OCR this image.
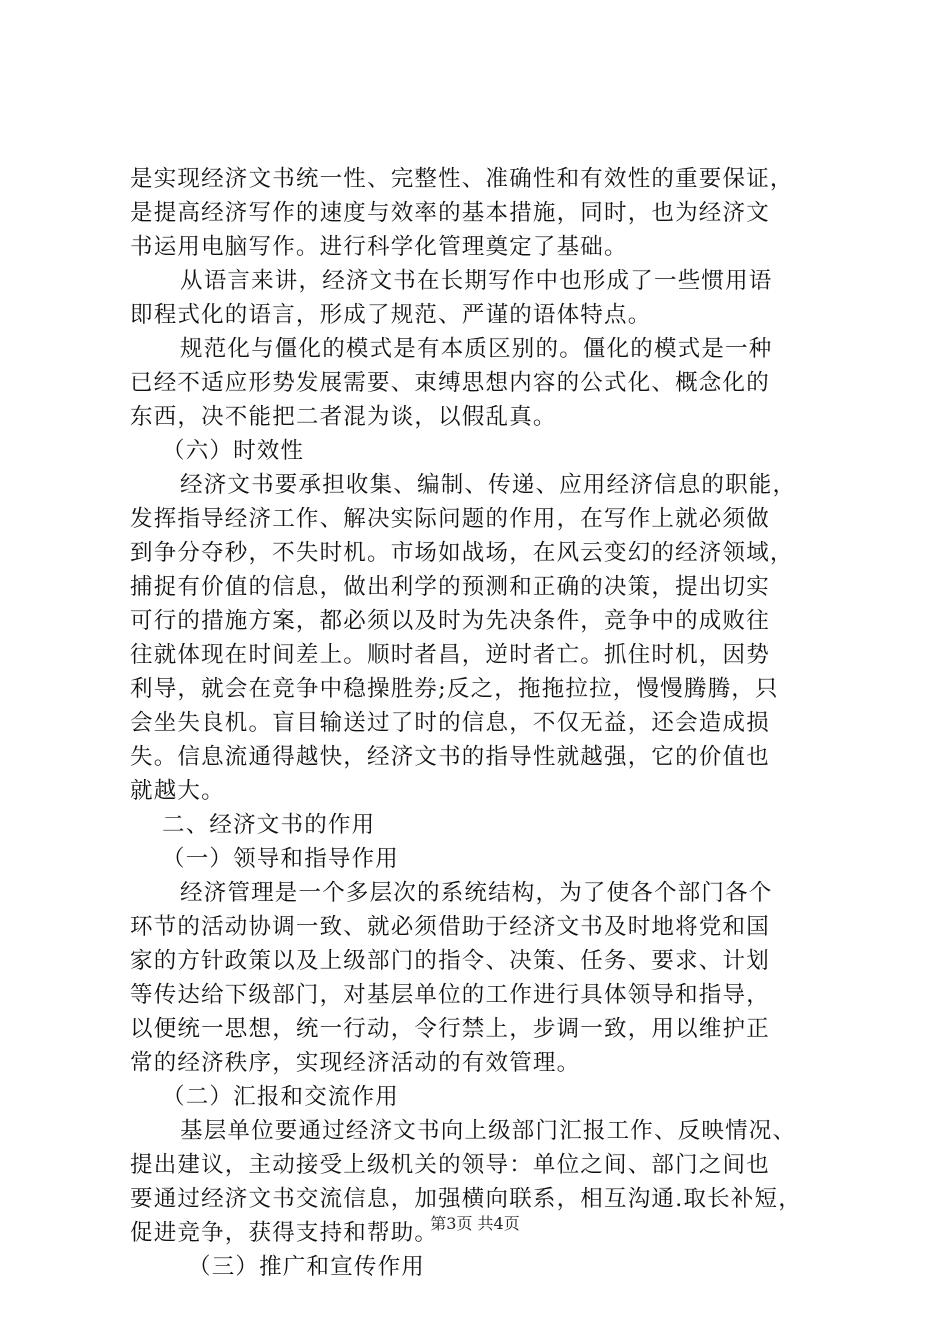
是实现经济文书统一性、完整性、准确性和有效性的重要保证，
是提高经济写作的速度与效率的基本措施，同时，也为经济文
书运用电脑写作。进行科学化管理奠定了基础。
从语言来讲，经济文书在长期写作中也形成了一些惯用语
即程式化的语言，形成了规范、严谨的语体特点。
规范化与僵化的模式是有本质区别的。僵化的模式是一种
已经不适应形势发展需要、束缚思想内容的公式化、概念化的
东西，决不能把二者混为谈，以假乱真。
（六）时效性
经济文书要承担收集、编制、传递、应用经济信息的职能，
发挥指导经济工作、解决实际问题的作用，在写作上就必须做
到争分夺秒，不失时机。市场如战场，在风云变幻的经济领域，
捕捉有价值的信息，做出利学的预测和正确的决策，提出切实
可行的措施方案，都必须以及时为先决条件，竞争中的成败往
往就体现在时间差上。顺时者昌，逆时者亡。抓住时机，因势
利导，就会在竞争中稳操胜券;反之，拖拖拉拉，慢慢腾腾，只
会坐失良机。盲目输送过了时的信息，不仅无益，还会造成损
失。信息流通得越快，经济文书的指导性就越强，它的价值也
就越大。
二、经济文书的作用
（一）领导和指导作用
经济管理是一个多层次的系统结构，为了使各个部门各个
环节的活动协调一致、就必须借助于经济文书及时地将党和国
家的方针政策以及上级部门的指令、决策、任务、要求、计划
等传达给下级部门，对基层单位的工作进行具体领导和指导，
以便统一思想，统一行动，令行禁上，步调一致，用以维护正
常的经济秩序，实现经济活动的有效管理。
（二）汇报和交流作用
基层单位要通过经济文书向上级部门汇报工作、反映情况、
提出建议，主动接受上级机关的领导：单位之间、部门之间也
要通过经济文书交流信息，加强横向联系，相互沟通.取长补短，
促进竞争，获得支持和帮助。
（三）推广和宣传作用
第3页 共4页
